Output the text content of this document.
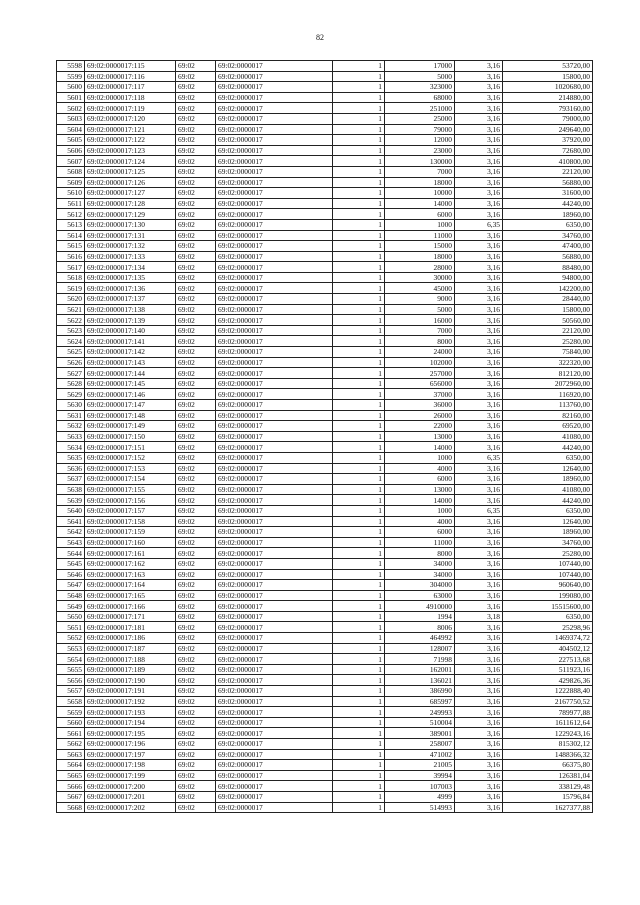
82
5598	69:02:0000017:115	69:02	69:02:0000017	1	17000	3,16	53720,00
5599	69:02:0000017:116	69:02	69:02:0000017	1	5000	3,16	15800,00
5600	69:02:0000017:117	69:02	69:02:0000017	1	323000	3,16	1020680,00
5601	69:02:0000017:118	69:02	69:02:0000017	1	68000	3,16	214880,00
5602	69:02:0000017:119	69:02	69:02:0000017	1	251000	3,16	793160,00
5603	69:02:0000017:120	69:02	69:02:0000017	1	25000	3,16	79000,00
5604	69:02:0000017:121	69:02	69:02:0000017	1	79000	3,16	249640,00
5605	69:02:0000017:122	69:02	69:02:0000017	1	12000	3,16	37920,00
5606	69:02:0000017:123	69:02	69:02:0000017	1	23000	3,16	72680,00
5607	69:02:0000017:124	69:02	69:02:0000017	1	130000	3,16	410800,00
5608	69:02:0000017:125	69:02	69:02:0000017	1	7000	3,16	22120,00
5609	69:02:0000017:126	69:02	69:02:0000017	1	18000	3,16	56880,00
5610	69:02:0000017:127	69:02	69:02:0000017	1	10000	3,16	31600,00
5611	69:02:0000017:128	69:02	69:02:0000017	1	14000	3,16	44240,00
5612	69:02:0000017:129	69:02	69:02:0000017	1	6000	3,16	18960,00
5613	69:02:0000017:130	69:02	69:02:0000017	1	1000	6,35	6350,00
5614	69:02:0000017:131	69:02	69:02:0000017	1	11000	3,16	34760,00
5615	69:02:0000017:132	69:02	69:02:0000017	1	15000	3,16	47400,00
5616	69:02:0000017:133	69:02	69:02:0000017	1	18000	3,16	56880,00
5617	69:02:0000017:134	69:02	69:02:0000017	1	28000	3,16	88480,00
5618	69:02:0000017:135	69:02	69:02:0000017	1	30000	3,16	94800,00
5619	69:02:0000017:136	69:02	69:02:0000017	1	45000	3,16	142200,00
5620	69:02:0000017:137	69:02	69:02:0000017	1	9000	3,16	28440,00
5621	69:02:0000017:138	69:02	69:02:0000017	1	5000	3,16	15800,00
5622	69:02:0000017:139	69:02	69:02:0000017	1	16000	3,16	50560,00
5623	69:02:0000017:140	69:02	69:02:0000017	1	7000	3,16	22120,00
5624	69:02:0000017:141	69:02	69:02:0000017	1	8000	3,16	25280,00
5625	69:02:0000017:142	69:02	69:02:0000017	1	24000	3,16	75840,00
5626	69:02:0000017:143	69:02	69:02:0000017	1	102000	3,16	322320,00
5627	69:02:0000017:144	69:02	69:02:0000017	1	257000	3,16	812120,00
5628	69:02:0000017:145	69:02	69:02:0000017	1	656000	3,16	2072960,00
5629	69:02:0000017:146	69:02	69:02:0000017	1	37000	3,16	116920,00
5630	69:02:0000017:147	69:02	69:02:0000017	1	36000	3,16	113760,00
5631	69:02:0000017:148	69:02	69:02:0000017	1	26000	3,16	82160,00
5632	69:02:0000017:149	69:02	69:02:0000017	1	22000	3,16	69520,00
5633	69:02:0000017:150	69:02	69:02:0000017	1	13000	3,16	41080,00
5634	69:02:0000017:151	69:02	69:02:0000017	1	14000	3,16	44240,00
5635	69:02:0000017:152	69:02	69:02:0000017	1	1000	6,35	6350,00
5636	69:02:0000017:153	69:02	69:02:0000017	1	4000	3,16	12640,00
5637	69:02:0000017:154	69:02	69:02:0000017	1	6000	3,16	18960,00
5638	69:02:0000017:155	69:02	69:02:0000017	1	13000	3,16	41080,00
5639	69:02:0000017:156	69:02	69:02:0000017	1	14000	3,16	44240,00
5640	69:02:0000017:157	69:02	69:02:0000017	1	1000	6,35	6350,00
5641	69:02:0000017:158	69:02	69:02:0000017	1	4000	3,16	12640,00
5642	69:02:0000017:159	69:02	69:02:0000017	1	6000	3,16	18960,00
5643	69:02:0000017:160	69:02	69:02:0000017	1	11000	3,16	34760,00
5644	69:02:0000017:161	69:02	69:02:0000017	1	8000	3,16	25280,00
5645	69:02:0000017:162	69:02	69:02:0000017	1	34000	3,16	107440,00
5646	69:02:0000017:163	69:02	69:02:0000017	1	34000	3,16	107440,00
5647	69:02:0000017:164	69:02	69:02:0000017	1	304000	3,16	960640,00
5648	69:02:0000017:165	69:02	69:02:0000017	1	63000	3,16	199080,00
5649	69:02:0000017:166	69:02	69:02:0000017	1	4910000	3,16	15515600,00
5650	69:02:0000017:171	69:02	69:02:0000017	1	1994	3,18	6350,00
5651	69:02:0000017:181	69:02	69:02:0000017	1	8006	3,16	25298,96
5652	69:02:0000017:186	69:02	69:02:0000017	1	464992	3,16	1469374,72
5653	69:02:0000017:187	69:02	69:02:0000017	1	128007	3,16	404502,12
5654	69:02:0000017:188	69:02	69:02:0000017	1	71998	3,16	227513,68
5655	69:02:0000017:189	69:02	69:02:0000017	1	162001	3,16	511923,16
5656	69:02:0000017:190	69:02	69:02:0000017	1	136021	3,16	429826,36
5657	69:02:0000017:191	69:02	69:02:0000017	1	386990	3,16	1222888,40
5658	69:02:0000017:192	69:02	69:02:0000017	1	685997	3,16	2167750,52
5659	69:02:0000017:193	69:02	69:02:0000017	1	249993	3,16	789977,88
5660	69:02:0000017:194	69:02	69:02:0000017	1	510004	3,16	1611612,64
5661	69:02:0000017:195	69:02	69:02:0000017	1	389001	3,16	1229243,16
5662	69:02:0000017:196	69:02	69:02:0000017	1	258007	3,16	815302,12
5663	69:02:0000017:197	69:02	69:02:0000017	1	471002	3,16	1488366,32
5664	69:02:0000017:198	69:02	69:02:0000017	1	21005	3,16	66375,80
5665	69:02:0000017:199	69:02	69:02:0000017	1	39994	3,16	126381,04
5666	69:02:0000017:200	69:02	69:02:0000017	1	107003	3,16	338129,48
5667	69:02:0000017:201	69:02	69:02:0000017	1	4999	3,16	15796,84
5668	69:02:0000017:202	69:02	69:02:0000017	1	514993	3,16	1627377,88
